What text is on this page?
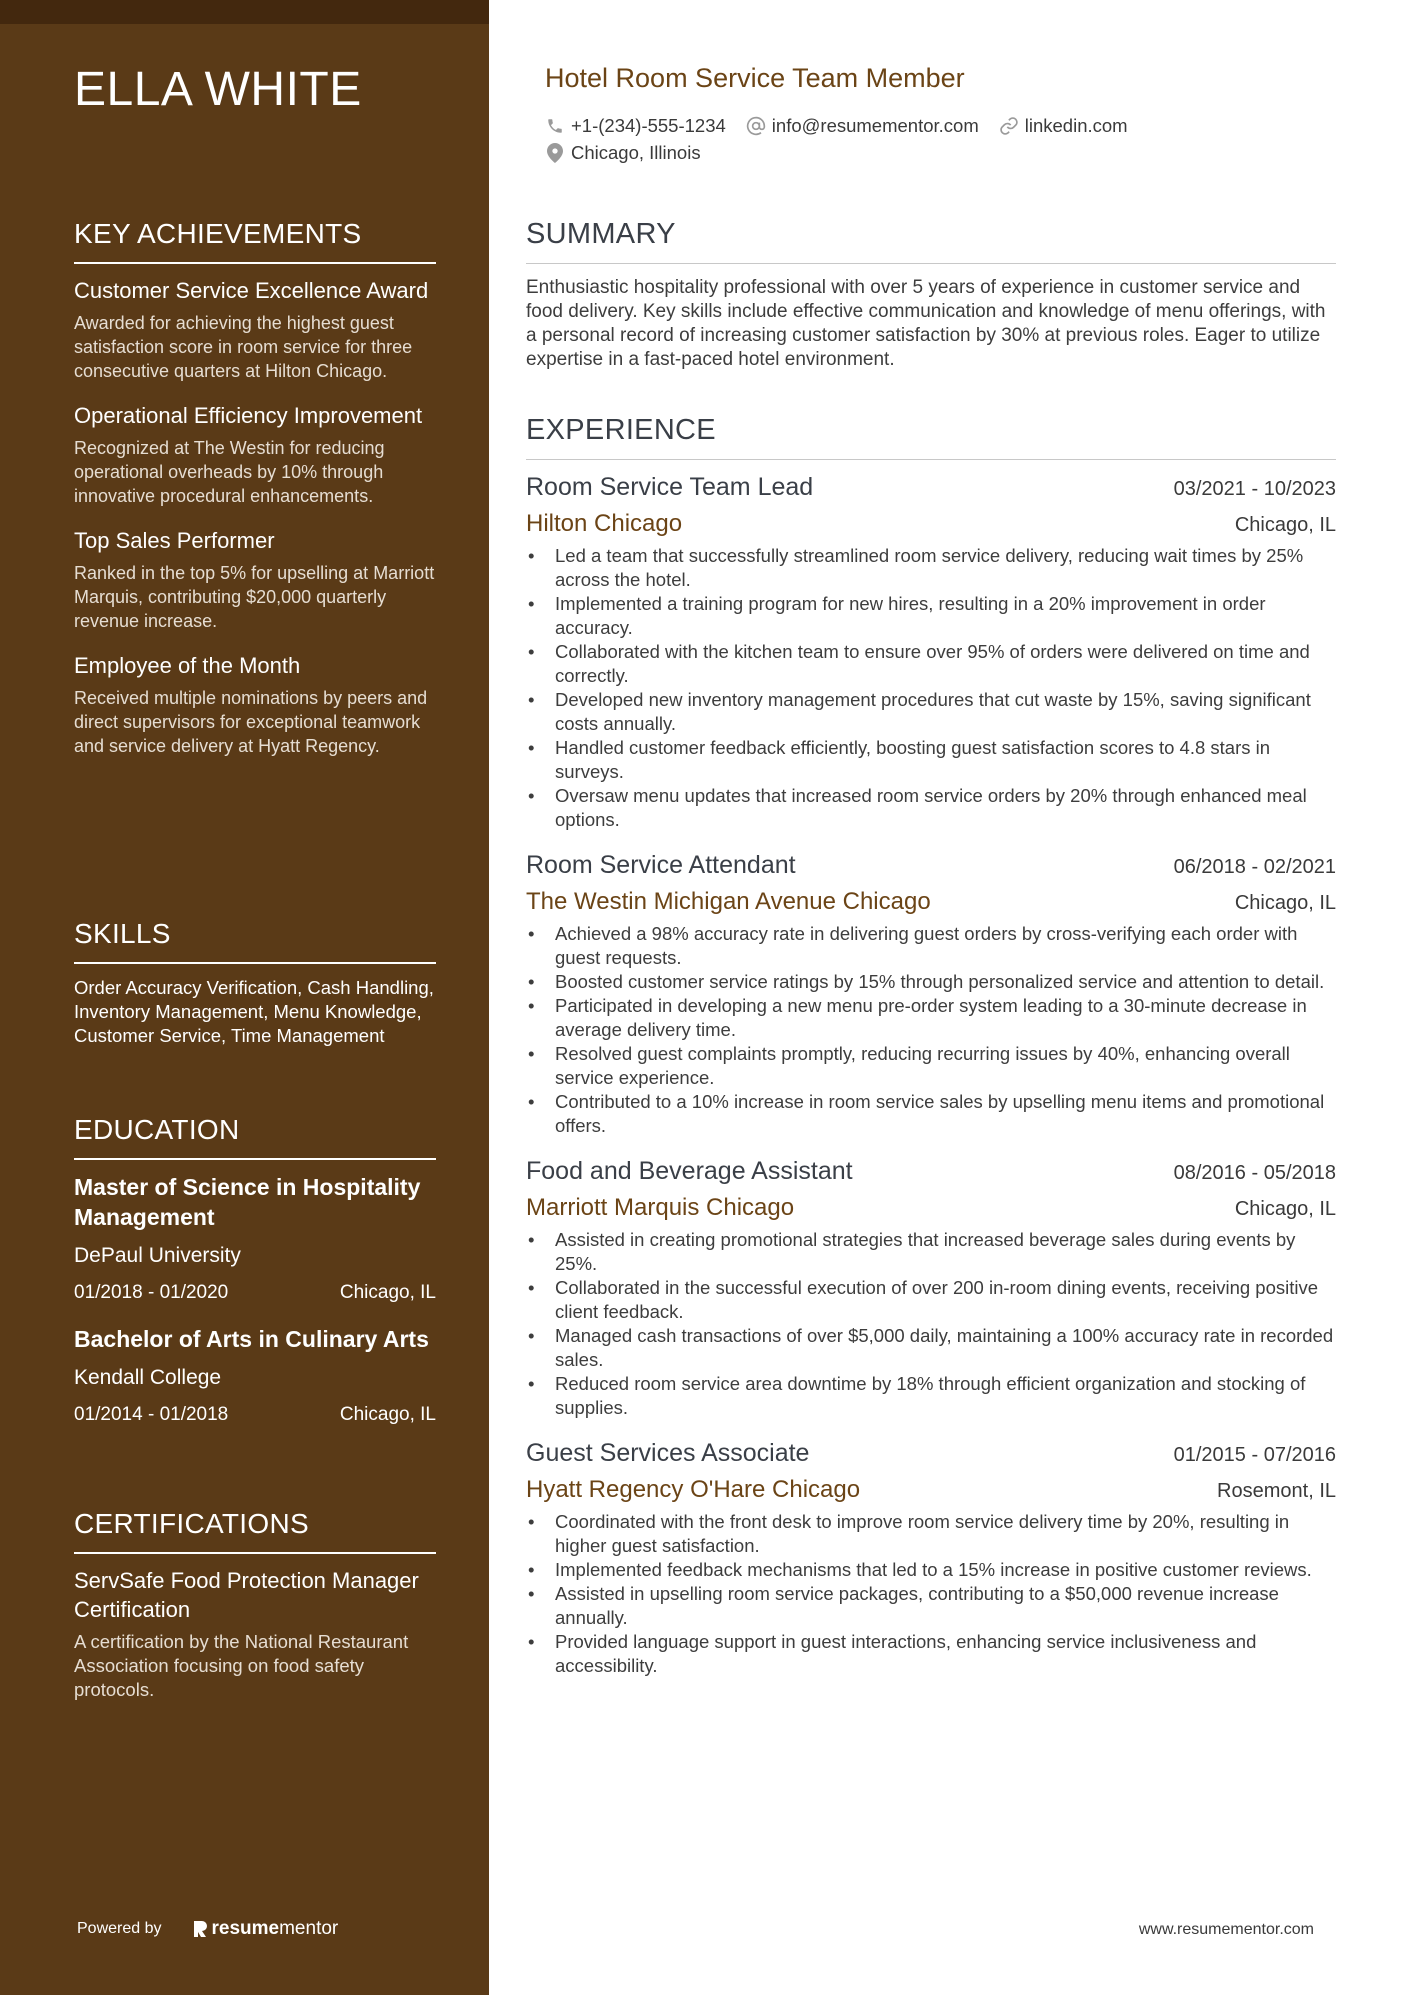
ELLA WHITE
KEY ACHIEVEMENTS
Customer Service Excellence Award
Awarded for achieving the highest guest satisfaction score in room service for three consecutive quarters at Hilton Chicago.
Operational Efficiency Improvement
Recognized at The Westin for reducing operational overheads by 10% through innovative procedural enhancements.
Top Sales Performer
Ranked in the top 5% for upselling at Marriott Marquis, contributing $20,000 quarterly revenue increase.
Employee of the Month
Received multiple nominations by peers and direct supervisors for exceptional teamwork and service delivery at Hyatt Regency.
SKILLS
Order Accuracy Verification, Cash Handling, Inventory Management, Menu Knowledge, Customer Service, Time Management
EDUCATION
Master of Science in Hospitality Management
DePaul University
01/2018 - 01/2020	Chicago, IL
Bachelor of Arts in Culinary Arts
Kendall College
01/2014 - 01/2018	Chicago, IL
CERTIFICATIONS
ServSafe Food Protection Manager Certification
A certification by the National Restaurant Association focusing on food safety protocols.
Powered by	resume mentor
Hotel Room Service Team Member
+1-(234)-555-1234 info@resumementor.com linkedin.com
Chicago, Illinois
SUMMARY
Enthusiastic hospitality professional with over 5 years of experience in customer service and food delivery. Key skills include effective communication and knowledge of menu offerings, with a personal record of increasing customer satisfaction by 30% at previous roles. Eager to utilize expertise in a fast-paced hotel environment.
EXPERIENCE
Room Service Team Lead	03/2021 - 10/2023
Hilton Chicago	Chicago, IL
• Led a team that successfully streamlined room service delivery, reducing wait times by 25% across the hotel.
• Implemented a training program for new hires, resulting in a 20% improvement in order accuracy.
• Collaborated with the kitchen team to ensure over 95% of orders were delivered on time and correctly.
• Developed new inventory management procedures that cut waste by 15%, saving significant costs annually.
• Handled customer feedback efficiently, boosting guest satisfaction scores to 4.8 stars in surveys.
• Oversaw menu updates that increased room service orders by 20% through enhanced meal options.
Room Service Attendant	06/2018 - 02/2021
The Westin Michigan Avenue Chicago	Chicago, IL
• Achieved a 98% accuracy rate in delivering guest orders by cross-verifying each order with guest requests.
• Boosted customer service ratings by 15% through personalized service and attention to detail.
• Participated in developing a new menu pre-order system leading to a 30-minute decrease in average delivery time.
• Resolved guest complaints promptly, reducing recurring issues by 40%, enhancing overall service experience.
• Contributed to a 10% increase in room service sales by upselling menu items and promotional offers.
Food and Beverage Assistant	08/2016 - 05/2018
Marriott Marquis Chicago	Chicago, IL
• Assisted in creating promotional strategies that increased beverage sales during events by 25%.
• Collaborated in the successful execution of over 200 in-room dining events, receiving positive client feedback.
• Managed cash transactions of over $5,000 daily, maintaining a 100% accuracy rate in recorded sales.
• Reduced room service area downtime by 18% through efficient organization and stocking of supplies.
Guest Services Associate	01/2015 - 07/2016
Hyatt Regency O'Hare Chicago	Rosemont, IL
• Coordinated with the front desk to improve room service delivery time by 20%, resulting in higher guest satisfaction.
• Implemented feedback mechanisms that led to a 15% increase in positive customer reviews.
• Assisted in upselling room service packages, contributing to a $50,000 revenue increase annually.
• Provided language support in guest interactions, enhancing service inclusiveness and accessibility.
www.resumementor.com
